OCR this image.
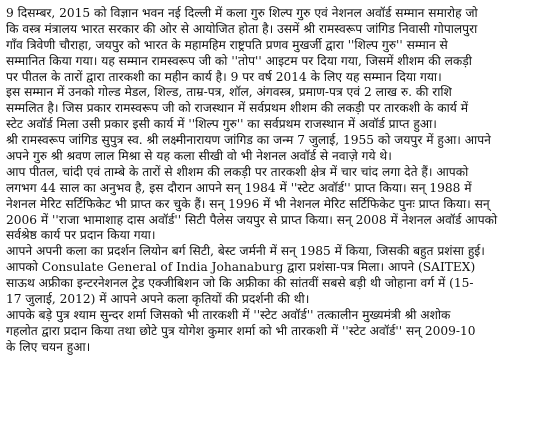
9 दिसम्बर, 2015 को विज्ञान भवन नई दिल्ली में कला गुरु शिल्प गुरु एवं नेशनल अवॉर्ड सम्मान समारोह जो
कि वस्त्र मंत्रालय भारत सरकार की ओर से आयोजित होता है। उसमें श्री रामस्वरूप जांगिड निवासी गोपालपुरा
गाँव त्रिवेणी चौराहा, जयपुर को भारत के महामहिम राष्ट्रपति प्रणव मुखर्जी द्वारा ''शिल्प गुरु'' सम्मान से
सम्मानित किया गया। यह सम्मान रामस्वरूप जी को ''तोप'' आइटम पर दिया गया, जिसमें शीशम की लकड़ी
पर पीतल के तारों द्वारा तारकशी का महीन कार्य है। 9 पर वर्ष 2014 के लिए यह सम्मान दिया गया।
इस सम्मान में उनको गोल्ड मेडल, शिल्ड, ताम्र-पत्र, शॉल, अंगवस्त्र, प्रमाण-पत्र एवं 2 लाख रु. की राशि
सम्मलित है। जिस प्रकार रामस्वरूप जी को राजस्थान में सर्वप्रथम शीशम की लकड़ी पर तारकशी के कार्य में
स्टेट अवॉर्ड मिला उसी प्रकार इसी कार्य में ''शिल्प गुरु'' का सर्वप्रथम राजस्थान में अवॉर्ड प्राप्त हुआ।
श्री रामस्वरूप जांगिड सुपुत्र स्व. श्री लक्ष्मीनारायण जांगिड का जन्म 7 जुलाई, 1955 को जयपुर में हुआ। आपने
अपने गुरु श्री श्रवण लाल मिश्रा से यह कला सीखी वो भी नेशनल अवॉर्ड से नवाज़े गये थे।
आप पीतल, चांदी एवं ताम्बे के तारों से शीशम की लकड़ी पर तारकशी क्षेत्र में चार चांद लगा देते हैं। आपको
लगभग 44 साल का अनुभव है, इस दौरान आपने सन् 1984 में ''स्टेट अवॉर्ड'' प्राप्त किया। सन् 1988 में
नेशनल मेरिट सर्टिफिकेट भी प्राप्त कर चुके हैं। सन् 1996 में भी नेशनल मेरिट सर्टिफिकेट पुनः प्राप्त किया। सन्
2006 में ''राजा भामाशाह दास अवॉर्ड'' सिटी पैलेस जयपुर से प्राप्त किया। सन् 2008 में नेशनल अवॉर्ड आपको
सर्वश्रेष्ठ कार्य पर प्रदान किया गया।
आपने अपनी कला का प्रदर्शन लियोन बर्ग सिटी, बेस्ट जर्मनी में सन् 1985 में किया, जिसकी बहुत प्रशंसा हुई।
आपको Consulate General of India Johanaburg द्वारा प्रशंसा-पत्र मिला। आपने (SAITEX)
साऊथ अफ्रीका इन्टरनेशनल ट्रेड एक्जीबिशन जो कि अफ्रीका की सांतवीं सबसे बड़ी थी जोहाना वर्ग में (15-
17 जुलाई, 2012) में आपने अपने कला कृतियों की प्रदर्शनी की थी।
आपके बड़े पुत्र श्याम सुन्दर शर्मा जिसको भी तारकशी में ''स्टेट अवॉर्ड'' तत्कालीन मुख्यमंत्री श्री अशोक
गहलोत द्वारा प्रदान किया तथा छोटे पुत्र योगेश कुमार शर्मा को भी तारकशी में ''स्टेट अवॉर्ड'' सन् 2009-10
के लिए चयन हुआ।
